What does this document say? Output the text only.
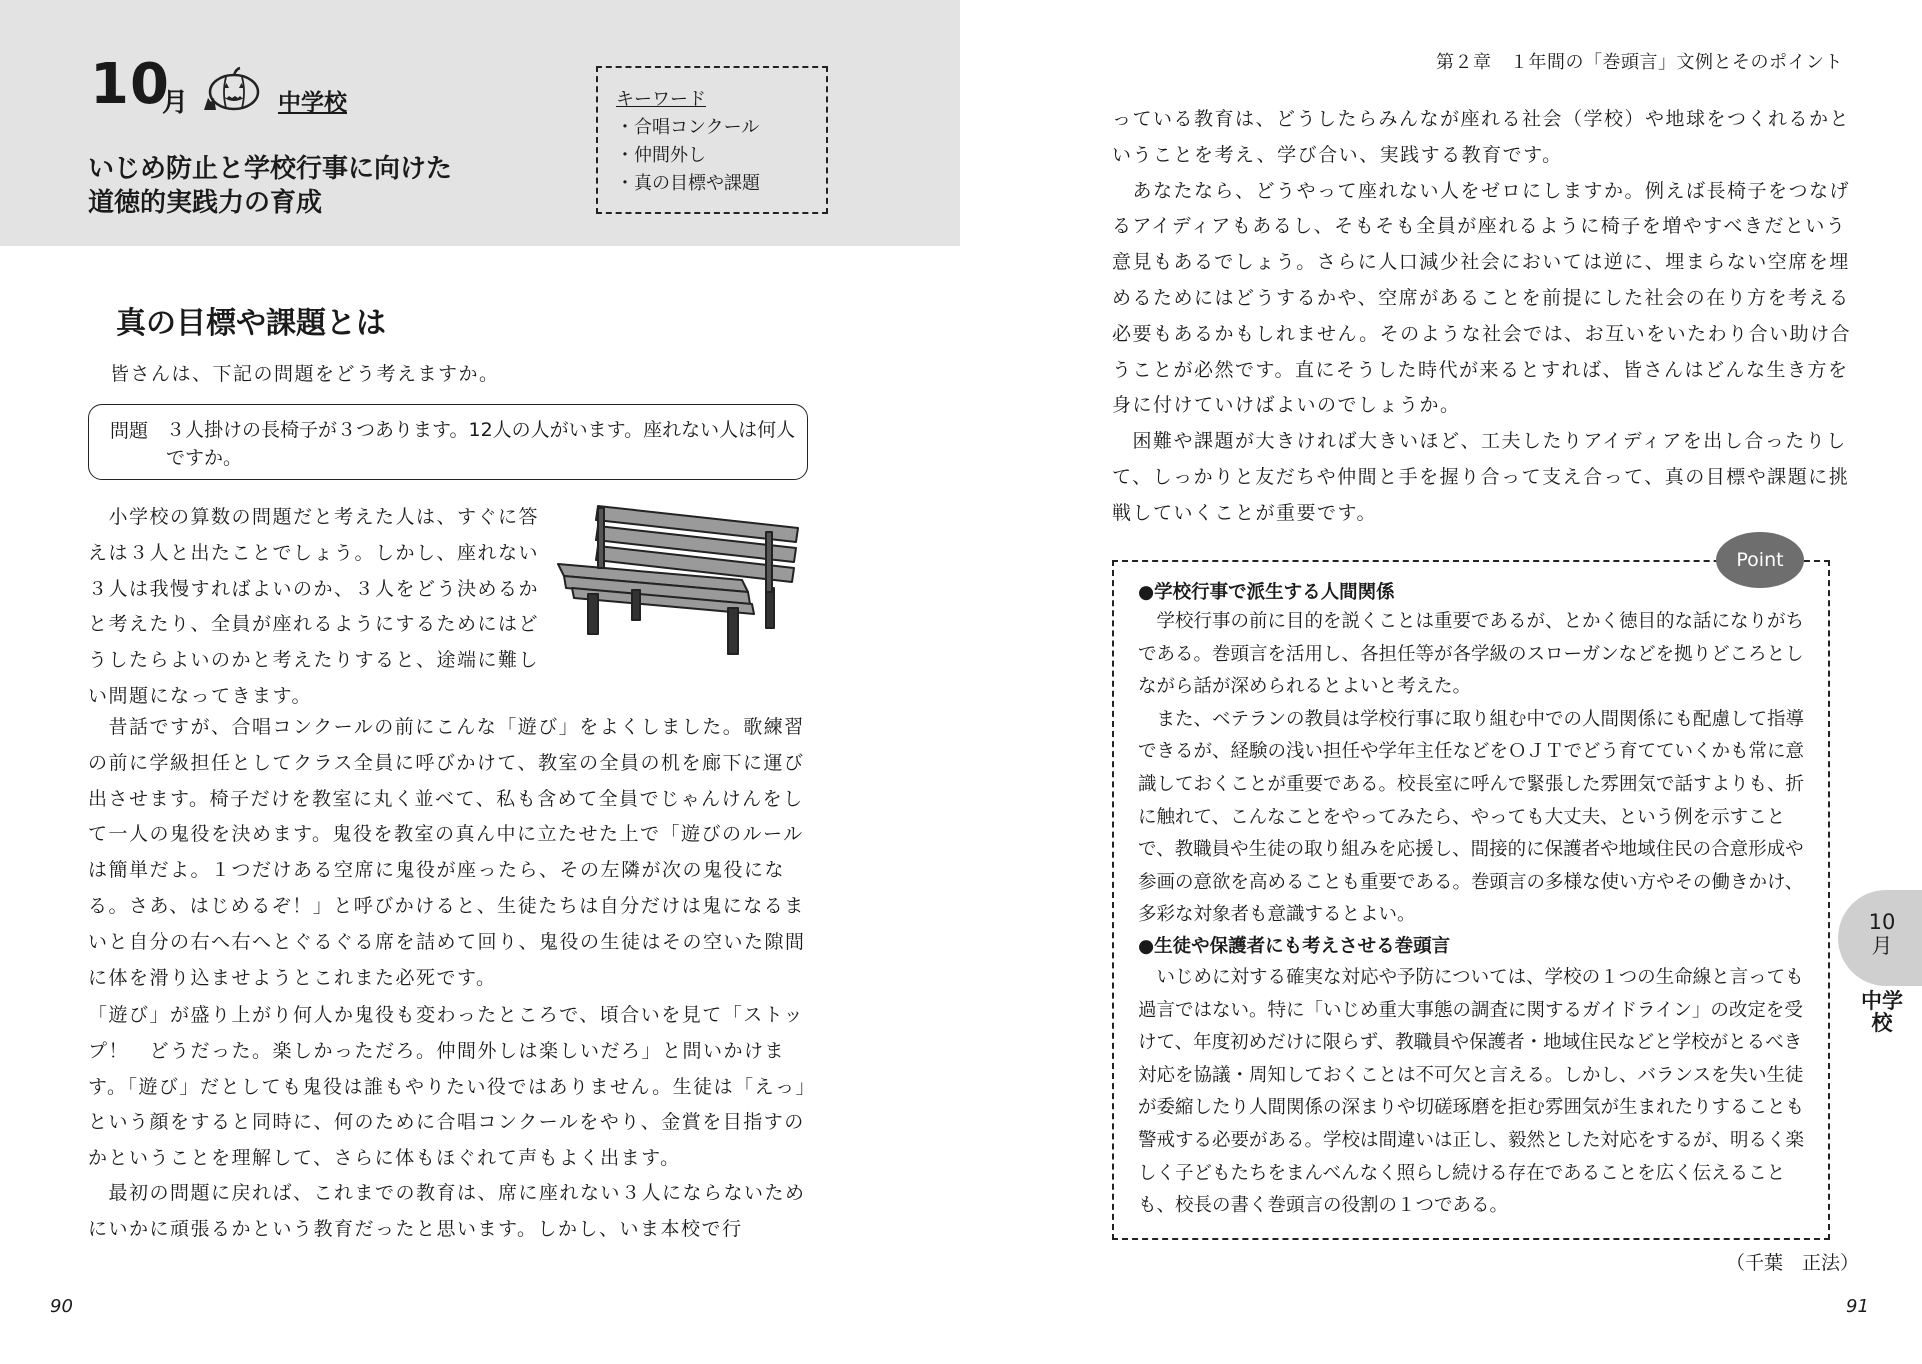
10
月	中学校
いじめ防止と学校行事に向けた
道徳的実践力の育成
キーワード
・合唱コンクール
・仲間外し
・真の目標や課題
真の目標や課題とは
皆さんは、下記の問題をどう考えますか。
問題 ３人掛けの長椅子が３つあります。12人の人がいます。座れない人は何人ですか。
　小学校の算数の問題だと考えた人は、すぐに答えは３人と出たことでしょう。しかし、座れない３人は我慢すればよいのか、３人をどう決めるかと考えたり、全員が座れるようにするためにはどうしたらよいのかと考えたりすると、途端に難しい問題になってきます。
　昔話ですが、合唱コンクールの前にこんな「遊び」をよくしました。歌練習の前に学級担任としてクラス全員に呼びかけて、教室の全員の机を廊下に運び出させます。椅子だけを教室に丸く並べて、私も含めて全員でじゃんけんをして一人の鬼役を決めます。鬼役を教室の真ん中に立たせた上で「遊びのルールは簡単だよ。１つだけある空席に鬼役が座ったら、その左隣が次の鬼役になる。さあ、はじめるぞ！」と呼びかけると、生徒たちは自分だけは鬼になるまいと自分の右へ右へとぐるぐる席を詰めて回り、鬼役の生徒はその空いた隙間に体を滑り込ませようとこれまた必死です。
「遊び」が盛り上がり何人か鬼役も変わったところで、頃合いを見て「ストップ！　どうだった。楽しかっただろ。仲間外しは楽しいだろ」と問いかけます。「遊び」だとしても鬼役は誰もやりたい役ではありません。生徒は「えっ」という顔をすると同時に、何のために合唱コンクールをやり、金賞を目指すのかということを理解して、さらに体もほぐれて声もよく出ます。
　最初の問題に戻れば、これまでの教育は、席に座れない３人にならないためにいかに頑張るかという教育だったと思います。しかし、いま本校で行
90
第２章　１年間の「巻頭言」文例とそのポイント
っている教育は、どうしたらみんなが座れる社会（学校）や地球をつくれるかということを考え、学び合い、実践する教育です。
　あなたなら、どうやって座れない人をゼロにしますか。例えば長椅子をつなげるアイディアもあるし、そもそも全員が座れるように椅子を増やすべきだという意見もあるでしょう。さらに人口減少社会においては逆に、埋まらない空席を埋めるためにはどうするかや、空席があることを前提にした社会の在り方を考える必要もあるかもしれません。そのような社会では、お互いをいたわり合い助け合うことが必然です。直にそうした時代が来るとすれば、皆さんはどんな生き方を身に付けていけばよいのでしょうか。
　困難や課題が大きければ大きいほど、工夫したりアイディアを出し合ったりして、しっかりと友だちや仲間と手を握り合って支え合って、真の目標や課題に挑戦していくことが重要です。
Point
●学校行事で派生する人間関係
　学校行事の前に目的を説くことは重要であるが、とかく徳目的な話になりがちである。巻頭言を活用し、各担任等が各学級のスローガンなどを拠りどころとしながら話が深められるとよいと考えた。
　また、ベテランの教員は学校行事に取り組む中での人間関係にも配慮して指導できるが、経験の浅い担任や学年主任などをＯＪＴでどう育てていくかも常に意識しておくことが重要である。校長室に呼んで緊張した雰囲気で話すよりも、折に触れて、こんなことをやってみたら、やっても大丈夫、という例を示すことで、教職員や生徒の取り組みを応援し、間接的に保護者や地域住民の合意形成や参画の意欲を高めることも重要である。巻頭言の多様な使い方やその働きかけ、多彩な対象者も意識するとよい。
●生徒や保護者にも考えさせる巻頭言
　いじめに対する確実な対応や予防については、学校の１つの生命線と言っても過言ではない。特に「いじめ重大事態の調査に関するガイドライン」の改定を受けて、年度初めだけに限らず、教職員や保護者・地域住民などと学校がとるべき対応を協議・周知しておくことは不可欠と言える。しかし、バランスを失い生徒が委縮したり人間関係の深まりや切磋琢磨を拒む雰囲気が生まれたりすることも警戒する必要がある。学校は間違いは正し、毅然とした対応をするが、明るく楽しく子どもたちをまんべんなく照らし続ける存在であることを広く伝えることも、校長の書く巻頭言の役割の１つである。
（千葉　正法）
10月
中学校
91
